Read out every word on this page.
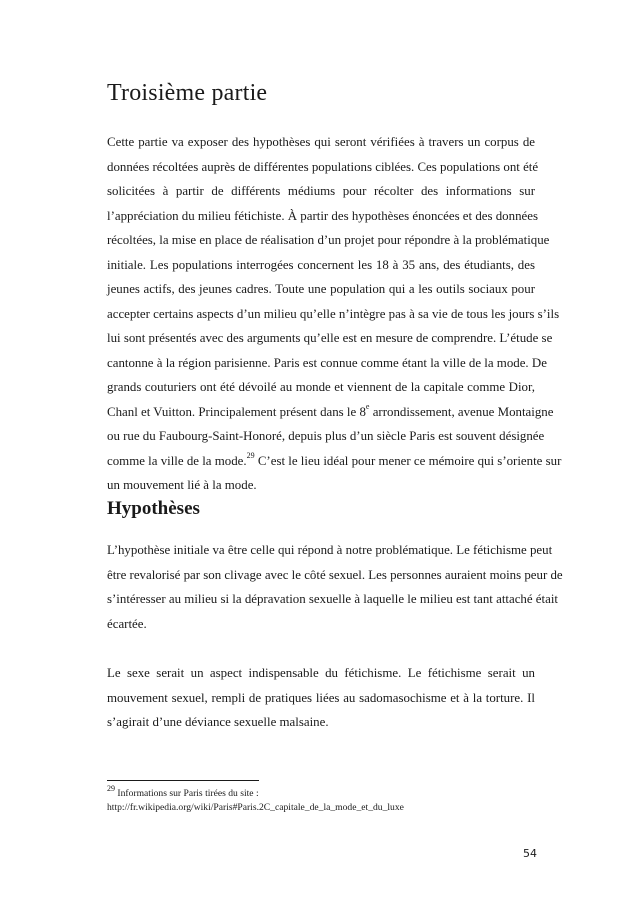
Troisième partie
Cette partie va exposer des hypothèses qui seront vérifiées à travers un corpus de
données récoltées auprès de différentes populations ciblées. Ces populations ont été
solicitées à partir de différents médiums pour récolter des informations sur
l’appréciation du milieu fétichiste. À partir des hypothèses énoncées et des données
récoltées, la mise en place de réalisation d’un projet pour répondre à la problématique
initiale. Les populations interrogées concernent les 18 à 35 ans, des étudiants, des
jeunes actifs, des jeunes cadres. Toute une population qui a les outils sociaux pour
accepter certains aspects d’un milieu qu’elle n’intègre pas à sa vie de tous les jours s’ils
lui sont présentés avec des arguments qu’elle est en mesure de comprendre. L’étude se
cantonne à la région parisienne. Paris est connue comme étant la ville de la mode. De
grands couturiers ont été dévoilé au monde et viennent de la capitale comme Dior,
Chanl et Vuitton. Principalement présent dans le 8e arrondissement, avenue Montaigne
ou rue du Faubourg-Saint-Honoré, depuis plus d’un siècle Paris est souvent désignée
comme la ville de la mode.$^{29}$ C’est le lieu idéal pour mener ce mémoire qui s’oriente sur
un mouvement lié à la mode.
Hypothèses
L’hypothèse initiale va être celle qui répond à notre problématique. Le fétichisme peut
être revalorisé par son clivage avec le côté sexuel. Les personnes auraient moins peur de
s’intéresser au milieu si la dépravation sexuelle à laquelle le milieu est tant attaché était
écartée.
Le sexe serait un aspect indispensable du fétichisme. Le fétichisme serait un
mouvement sexuel, rempli de pratiques liées au sadomasochisme et à la torture. Il
s’agirait d’une déviance sexuelle malsaine.
$^{29}$ Informations sur Paris tirées du site :
http://fr.wikipedia.org/wiki/Paris#Paris.2C_capitale_de_la_mode_et_du_luxe
54
